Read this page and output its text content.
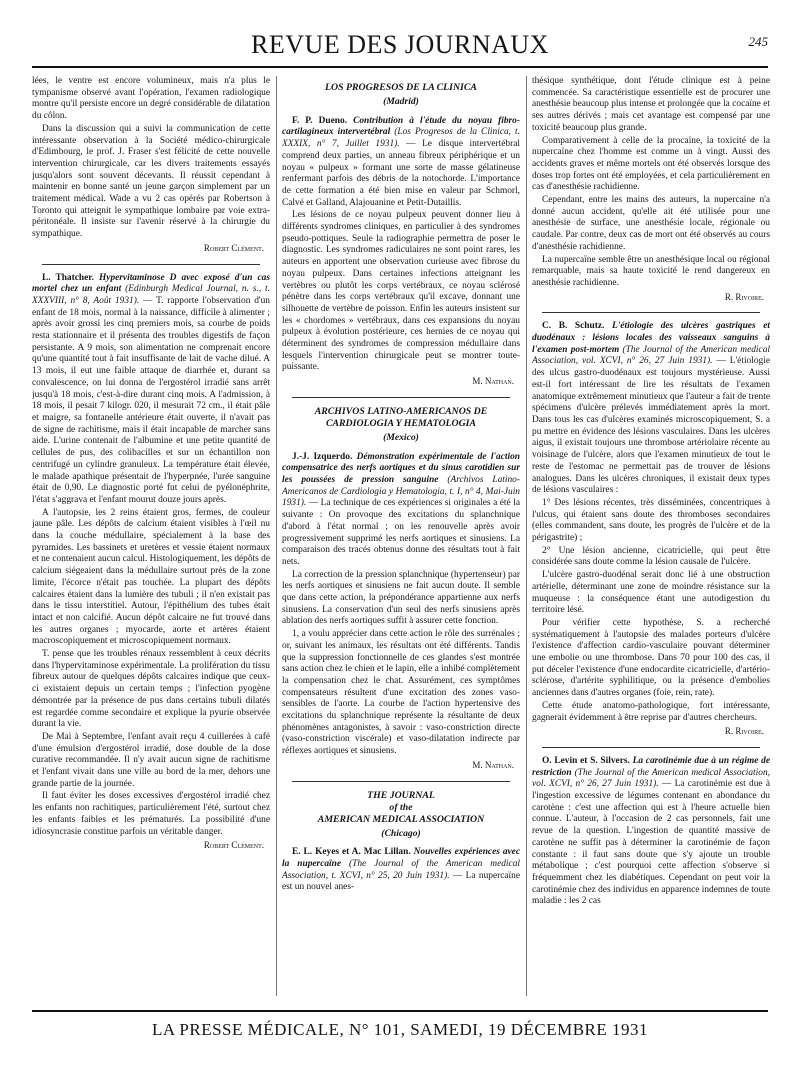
REVUE DES JOURNAUX	245

lées, le ventre est encore volumineux, mais n'a plus le tympanisme observé avant l'opération, l'examen radiologique montre qu'il persiste encore un degré considérable de dilatation du côlon.

Dans la discussion qui a suivi la communication de cette intéressante observation à la Société médico-chirurgicale d'Edimbourg, le prof. J. Fraser s'est félicité de cette nouvelle intervention chirurgicale, car les divers traitements essayés jusqu'alors sont souvent décevants. Il réussit cependant à maintenir en bonne santé un jeune garçon simplement par un traitement médical. Wade a vu 2 cas opérés par Robertson à Toronto qui atteignit le sympathique lombaire par voie extra-péritonéale. Il insiste sur l'avenir réservé à la chirurgie du sympathique.

Robert Clément.

L. Thatcher. Hypervitaminose D avec exposé d'un cas mortel chez un enfant (Edinburgh Medical Journal, n. s., t. XXXVIII, n° 8, Août 1931). — T. rapporte l'observation d'un enfant de 18 mois, normal à la naissance, difficile à alimenter ; après avoir grossi les cinq premiers mois, sa courbe de poids resta stationnaire et il présenta des troubles digestifs de façon persistante. A 9 mois, son alimentation ne comprenait encore qu'une quantité tout à fait insuffisante de lait de vache dilué. A 13 mois, il eut une faible attaque de diarrhée et, durant sa convalescence, on lui donna de l'ergostérol irradié sans arrêt jusqu'à 18 mois, c'est-à-dire durant cinq mois. A l'admission, à 18 mois, il pesait 7 kilogr. 020, il mesurait 72 cm., il était pâle et maigre, sa fontanelle antérieure était ouverte, il n'avait pas de signe de rachitisme, mais il était incapable de marcher sans aide. L'urine contenait de l'albumine et une petite quantité de cellules de pus, des colibacilles et sur un échantillon non centrifugé un cylindre granuleux. La température était élevée, le malade apathique présentait de l'hyperpnée, l'urée sanguine était de 0,90. Le diagnostic porté fut celui de pyélonéphrite, l'état s'aggrava et l'enfant mourut douze jours après.

A l'autopsie, les 2 reins étaient gros, fermes, de couleur jaune pâle. Les dépôts de calcium étaient visibles à l'œil nu dans la couche médullaire, spécialement à la base des pyramides. Les bassinets et uretères et vessie étaient normaux et ne contenaient aucun calcul. Histologiquement, les dépôts de calcium siégeaient dans la médullaire surtout près de la zone limite, l'écorce n'était pas touchée. La plupart des dépôts calcaires étaient dans la lumière des tubuli ; il n'en existait pas dans le tissu interstitiel. Autour, l'épithélium des tubes était intact et non calcifié. Aucun dépôt calcaire ne fut trouvé dans les autres organes ; myocarde, aorte et artères étaient macroscopiquement et microscopiquement normaux.

T. pense que les troubles rénaux ressemblent à ceux décrits dans l'hypervitaminose expérimentale. La prolifération du tissu fibreux autour de quelques dépôts calcaires indique que ceux-ci existaient depuis un certain temps ; l'infection pyogène démontrée par la présence de pus dans certains tubuli dilatés est regardée comme secondaire et explique la pyurie observée durant la vie.

De Mai à Septembre, l'enfant avait reçu 4 cuillerées à café d'une émulsion d'ergostérol irradié, dose double de la dose curative recommandée. Il n'y avait aucun signe de rachitisme et l'enfant vivait dans une ville au bord de la mer, dehors une grande partie de la journée.

Il faut éviter les doses excessives d'ergostérol irradié chez les enfants non rachitiques, particulièrement l'été, surtout chez les enfants faibles et les prématurés. La possibilité d'une idiosyncrasie constitue parfois un véritable danger.

Robert Clément.
LOS PROGRESOS DE LA CLINICA
(Madrid)

F. P. Dueno. Contribution à l'étude du noyau fibro-cartilagineux intervertébral (Los Progresos de la Clinica, t. XXXIX, n° 7, Juillet 1931). — Le disque intervertébral comprend deux parties, un anneau fibreux périphérique et un noyau « pulpeux » formant une sorte de masse gélatineuse renfermant parfois des débris de la notochorde. L'importance de cette formation a été bien mise en valeur par Schmorl, Calvé et Galland, Alajouanine et Petit-Dutaillis.

Les lésions de ce noyau pulpeux peuvent donner lieu à différents syndromes cliniques, en particulier à des syndromes pseudo-pottiques. Seule la radiographie permettra de poser le diagnostic. Les syndromes radiculaires ne sont point rares, les auteurs en apportent une observation curieuse avec fibrose du noyau pulpeux. Dans certaines infections atteignant les vertèbres ou plutôt les corps vertébraux, ce noyau sclérosé pénètre dans les corps vertébraux qu'il excave, donnant une silhouette de vertèbre de poisson. Enfin les auteurs insistent sur les « chordomes » vertébraux, dans ces expansions du noyau pulpeux à évolution postérieure, ces hernies de ce noyau qui déterminent des syndromes de compression médullaire dans lesquels l'intervention chirurgicale peut se montrer toute-puissante.

M. Nathan.
ARCHIVOS LATINO-AMERICANOS DE CARDIOLOGIA Y HEMATOLOGIA
(Mexico)

J.-J. Izquerdo. Démonstration expérimentale de l'action compensatrice des nerfs aortiques et du sinus carotidien sur les poussées de pression sanguine (Archivos Latino-Americanos de Cardiologia y Hematologia, t. I, n° 4, Mai-Juin 1931). — La technique de ces expériences si originales a été la suivante : On provoque des excitations du splanchnique d'abord à l'état normal ; on les renouvelle après avoir progressivement supprimé les nerfs aortiques et sinusiens. La comparaison des tracés obtenus donne des résultats tout à fait nets.

La correction de la pression splanchnique (hypertenseur) par les nerfs aortiques et sinusiens ne fait aucun doute. Il semble que dans cette action, la prépondérance appartienne aux nerfs sinusiens. La conservation d'un seul des nerfs sinusiens après ablation des nerfs aortiques suffit à assurer cette fonction.

1, a voulu apprécier dans cette action le rôle des surrénales ; or, suivant les animaux, les résultats ont été différents. Tandis que la suppression fonctionnelle de ces glandes s'est montrée sans action chez le chien et le lapin, elle a inhibé complètement la compensation chez le chat. Assurément, ces symptômes compensateurs résultent d'une excitation des zones vaso-sensibles de l'aorte. La courbe de l'action hypertensive des excitations du splanchnique représente la résultante de deux phénomènes antagonistes, à savoir : vaso-constriction directe (vaso-constriction viscérale) et vaso-dilatation indirecte par réflexes aortiques et sinusiens.

M. Nathan.
THE JOURNAL
of the
AMERICAN MEDICAL ASSOCIATION
(Chicago)

E. L. Keyes et A. Mac Lillan. Nouvelles expériences avec la nupercaïne (The Journal of the American medical Association, t. XCVI, n° 25, 20 Juin 1931). — La nupercaïne est un nouvel anes-

thésique synthétique, dont l'étude clinique est à peine commencée. Sa caractéristique essentielle est de procurer une anesthésie beaucoup plus intense et prolongée que la cocaïne et ses autres dérivés ; mais cet avantage est compensé par une toxicité beaucoup plus grande.

Comparativement à celle de la procaïne, la toxicité de la nupercaïne chez l'homme est comme un à vingt. Aussi des accidents graves et même mortels ont été observés lorsque des doses trop fortes ont été employées, et cela particulièrement en cas d'anesthésie rachidienne.

Cependant, entre les mains des auteurs, la nupercaïne n'a donné aucun accident, qu'elle ait été utilisée pour une anesthésie de surface, une anesthésie locale, régionale ou caudale. Par contre, deux cas de mort ont été observés au cours d'anesthésie rachidienne.

La nupercaïne semble être un anesthésique local ou régional remarquable, mais sa haute toxicité le rend dangereux en anesthésie rachidienne.

R. Rivoire.

C. B. Schutz. L'étiologie des ulcères gastriques et duodénaux : lésions locales des vaisseaux sanguins à l'examen post-mortem (The Journal of the American medical Association, vol. XCVI, n° 26, 27 Juin 1931). — L'étiologie des ulcus gastro-duodénaux est toujours mystérieuse. Aussi est-il fort intéressant de lire les résultats de l'examen anatomique extrêmement minutieux que l'auteur a fait de trente spécimens d'ulcère prélevés immédiatement après la mort. Dans tous les cas d'ulcères examinés microscopiquement, S. a pu mettre en évidence des lésions vasculaires. Dans les ulcères aigus, il existait toujours une thrombose artériolaire récente au voisinage de l'ulcère, alors que l'examen minutieux de tout le reste de l'estomac ne permettait pas de trouver de lésions analogues. Dans les ulcères chroniques, il existait deux types de lésions vasculaires :

1° Des lésions récentes, très disséminées, concentriques à l'ulcus, qui étaient sans doute des thromboses secondaires (elles commandent, sans doute, les progrès de l'ulcère et de la périgastrite) ;

2° Une lésion ancienne, cicatricielle, qui peut être considérée sans doute comme la lésion causale de l'ulcère.

L'ulcère gastro-duodénal serait donc lié à une obstruction artérielle, déterminant une zone de moindre résistance sur la muqueuse : la conséquence étant une autodigestion du territoire lésé.

Pour vérifier cette hypothèse, S. a recherché systématiquement à l'autopsie des malades porteurs d'ulcère l'existence d'affection cardio-vasculaire pouvant déterminer une embolie ou une thrombose. Dans 70 pour 100 des cas, il put déceler l'existence d'une endocardite cicatricielle, d'artério-sclérose, d'artérite syphilitique, ou la présence d'embolies anciennes dans d'autres organes (foie, rein, rate).

Cette étude anatomo-pathologique, fort intéressante, gagnerait évidemment à être reprise par d'autres chercheurs.

R. Rivoire.

O. Levin et S. Silvers. La carotinémie due à un régime de restriction (The Journal of the American medical Association, vol. XCVI, n° 26, 27 Juin 1931). — La carotinémie est due à l'ingestion excessive de légumes contenant en abondance du carotène : c'est une affection qui est à l'heure actuelle bien connue. L'auteur, à l'occasion de 2 cas personnels, fait une revue de la question. L'ingestion de quantité massive de carotène ne suffit pas à déterminer la carotinémie de façon constante : il faut sans doute que s'y ajoute un trouble métabolique ; c'est pourquoi cette affection s'observe si fréquemment chez les diabétiques. Cependant on peut voir la carotinémie chez des individus en apparence indemnes de toute maladie : les 2 cas

LA PRESSE MÉDICALE, N° 101, SAMEDI, 19 DÉCEMBRE 1931
